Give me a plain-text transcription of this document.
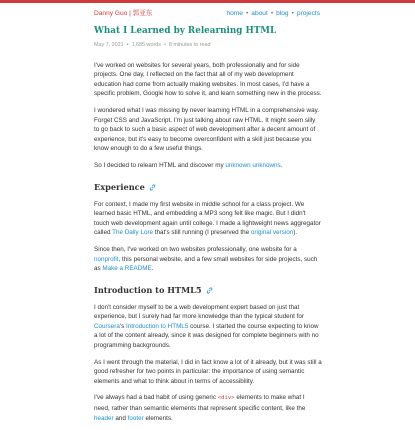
Danny Guo | 郭亚东	home • about • blog • projects
What I Learned by Relearning HTML
May 7, 2021 • 1,685 words • 8 minutes to read

I've worked on websites for several years, both professionally and for side projects. One day, I reflected on the fact that all of my web development education had come from actually making websites. In most cases, I'd have a specific problem, Google how to solve it, and learn something new in the process.

I wondered what I was missing by never learning HTML in a comprehensive way. Forget CSS and JavaScript. I'm just talking about raw HTML. It might seem silly to go back to such a basic aspect of web development after a decent amount of experience, but it's easy to become overconfident with a skill just because you know enough to do a few useful things.

So I decided to relearn HTML and discover my unknown unknowns.

Experience

For context, I made my first website in middle school for a class project. We learned basic HTML, and embedding a MP3 song felt like magic. But I didn't touch web development again until college. I made a lightweight news aggregator called The Daily Lore that's still running (I preserved the original version).

Since then, I've worked on two websites professionally, one website for a nonprofit, this personal website, and a few small websites for side projects, such as Make a README.

Introduction to HTML5

I don't consider myself to be a web development expert based on just that experience, but I surely had far more knowledge than the typical student for Coursera's Introduction to HTML5 course. I started the course expecting to know a lot of the content already, since it was designed for complete beginners with no programming backgrounds.

As I went through the material, I did in fact know a lot of it already, but it was still a good refresher for two points in particular: the importance of using semantic elements and what to think about in terms of accessibility.

I've always had a bad habit of using generic <div> elements to make what I need, rather than semantic elements that represent specific content, like the header and footer elements.
